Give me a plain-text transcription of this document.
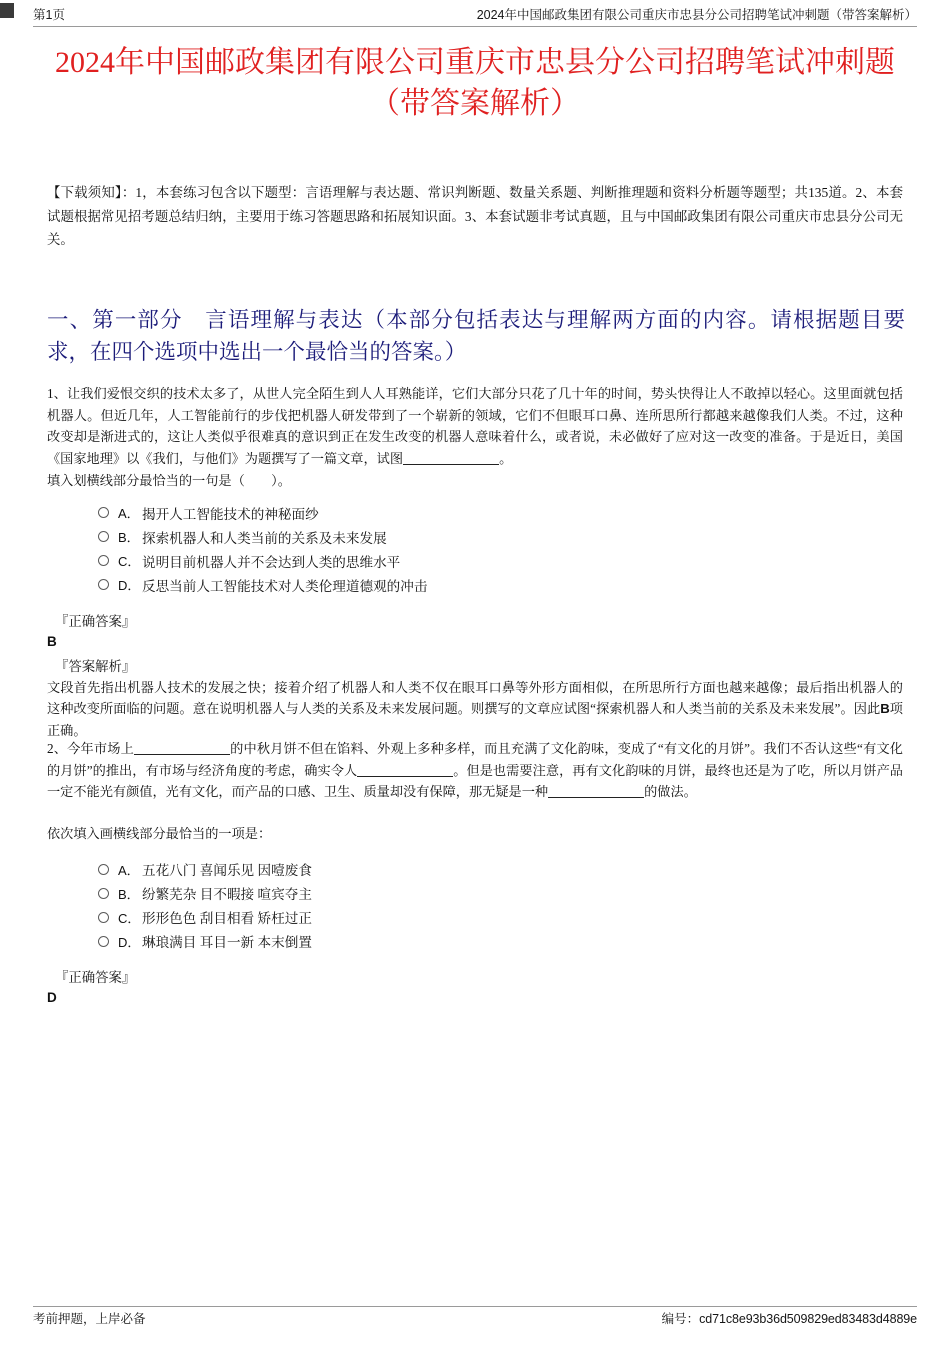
第1页	2024年中国邮政集团有限公司重庆市忠县分公司招聘笔试冲刺题（带答案解析）
2024年中国邮政集团有限公司重庆市忠县分公司招聘笔试冲刺题（带答案解析）
【下载须知】：1，本套练习包含以下题型：言语理解与表达题、常识判断题、数量关系题、判断推理题和资料分析题等题型；共135道。2、本套试题根据常见招考题总结归纳，主要用于练习答题思路和拓展知识面。3、本套试题非考试真题，且与中国邮政集团有限公司重庆市忠县分公司无关。
一、第一部分　言语理解与表达（本部分包括表达与理解两方面的内容。请根据题目要求，在四个选项中选出一个最恰当的答案。）
1、让我们爱恨交织的技术太多了，从世人完全陌生到人人耳熟能详，它们大部分只花了几十年的时间，势头快得让人不敢掉以轻心。这里面就包括机器人。但近几年，人工智能前行的步伐把机器人研发带到了一个崭新的领域，它们不但眼耳口鼻、连所思所行都越来越像我们人类。不过，这种改变却是渐进式的，这让人类似乎很难真的意识到正在发生改变的机器人意味着什么，或者说，未必做好了应对这一改变的准备。于是近日，美国《国家地理》以《我们，与他们》为题撰写了一篇文章，试图	。
填入划横线部分最恰当的一句是（　　）。
A． 揭开人工智能技术的神秘面纱
B． 探索机器人和人类当前的关系及未来发展
C． 说明目前机器人并不会达到人类的思维水平
D． 反思当前人工智能技术对人类伦理道德观的冲击
『正确答案』
B
『答案解析』
文段首先指出机器人技术的发展之快；接着介绍了机器人和人类不仅在眼耳口鼻等外形方面相似，在所思所行方面也越来越像；最后指出机器人的这种改变所面临的问题。意在说明机器人与人类的关系及未来发展问题。则撰写的文章应试图“探索机器人和人类当前的关系及未来发展”。因此B项正确。
2、今年市场上	的中秋月饼不但在馅料、外观上多种多样，而且充满了文化韵味，变成了“有文化的月饼”。我们不否认这些“有文化的月饼”的推出，有市场与经济角度的考虑，确实令人	。但是也需要注意，再有文化韵味的月饼，最终也还是为了吃，所以月饼产品一定不能光有颜值，光有文化，而产品的口感、卫生、质量却没有保障，那无疑是一种	的做法。
依次填入画横线部分最恰当的一项是：
A． 五花八门 喜闻乐见 因噎废食
B． 纷繁芜杂 目不暇接 喧宾夺主
C． 形形色色 刮目相看 矫枉过正
D． 琳琅满目 耳目一新 本末倒置
『正确答案』
D
考前押题，上岸必备	编号：cd71c8e93b36d509829ed83483d4889e
